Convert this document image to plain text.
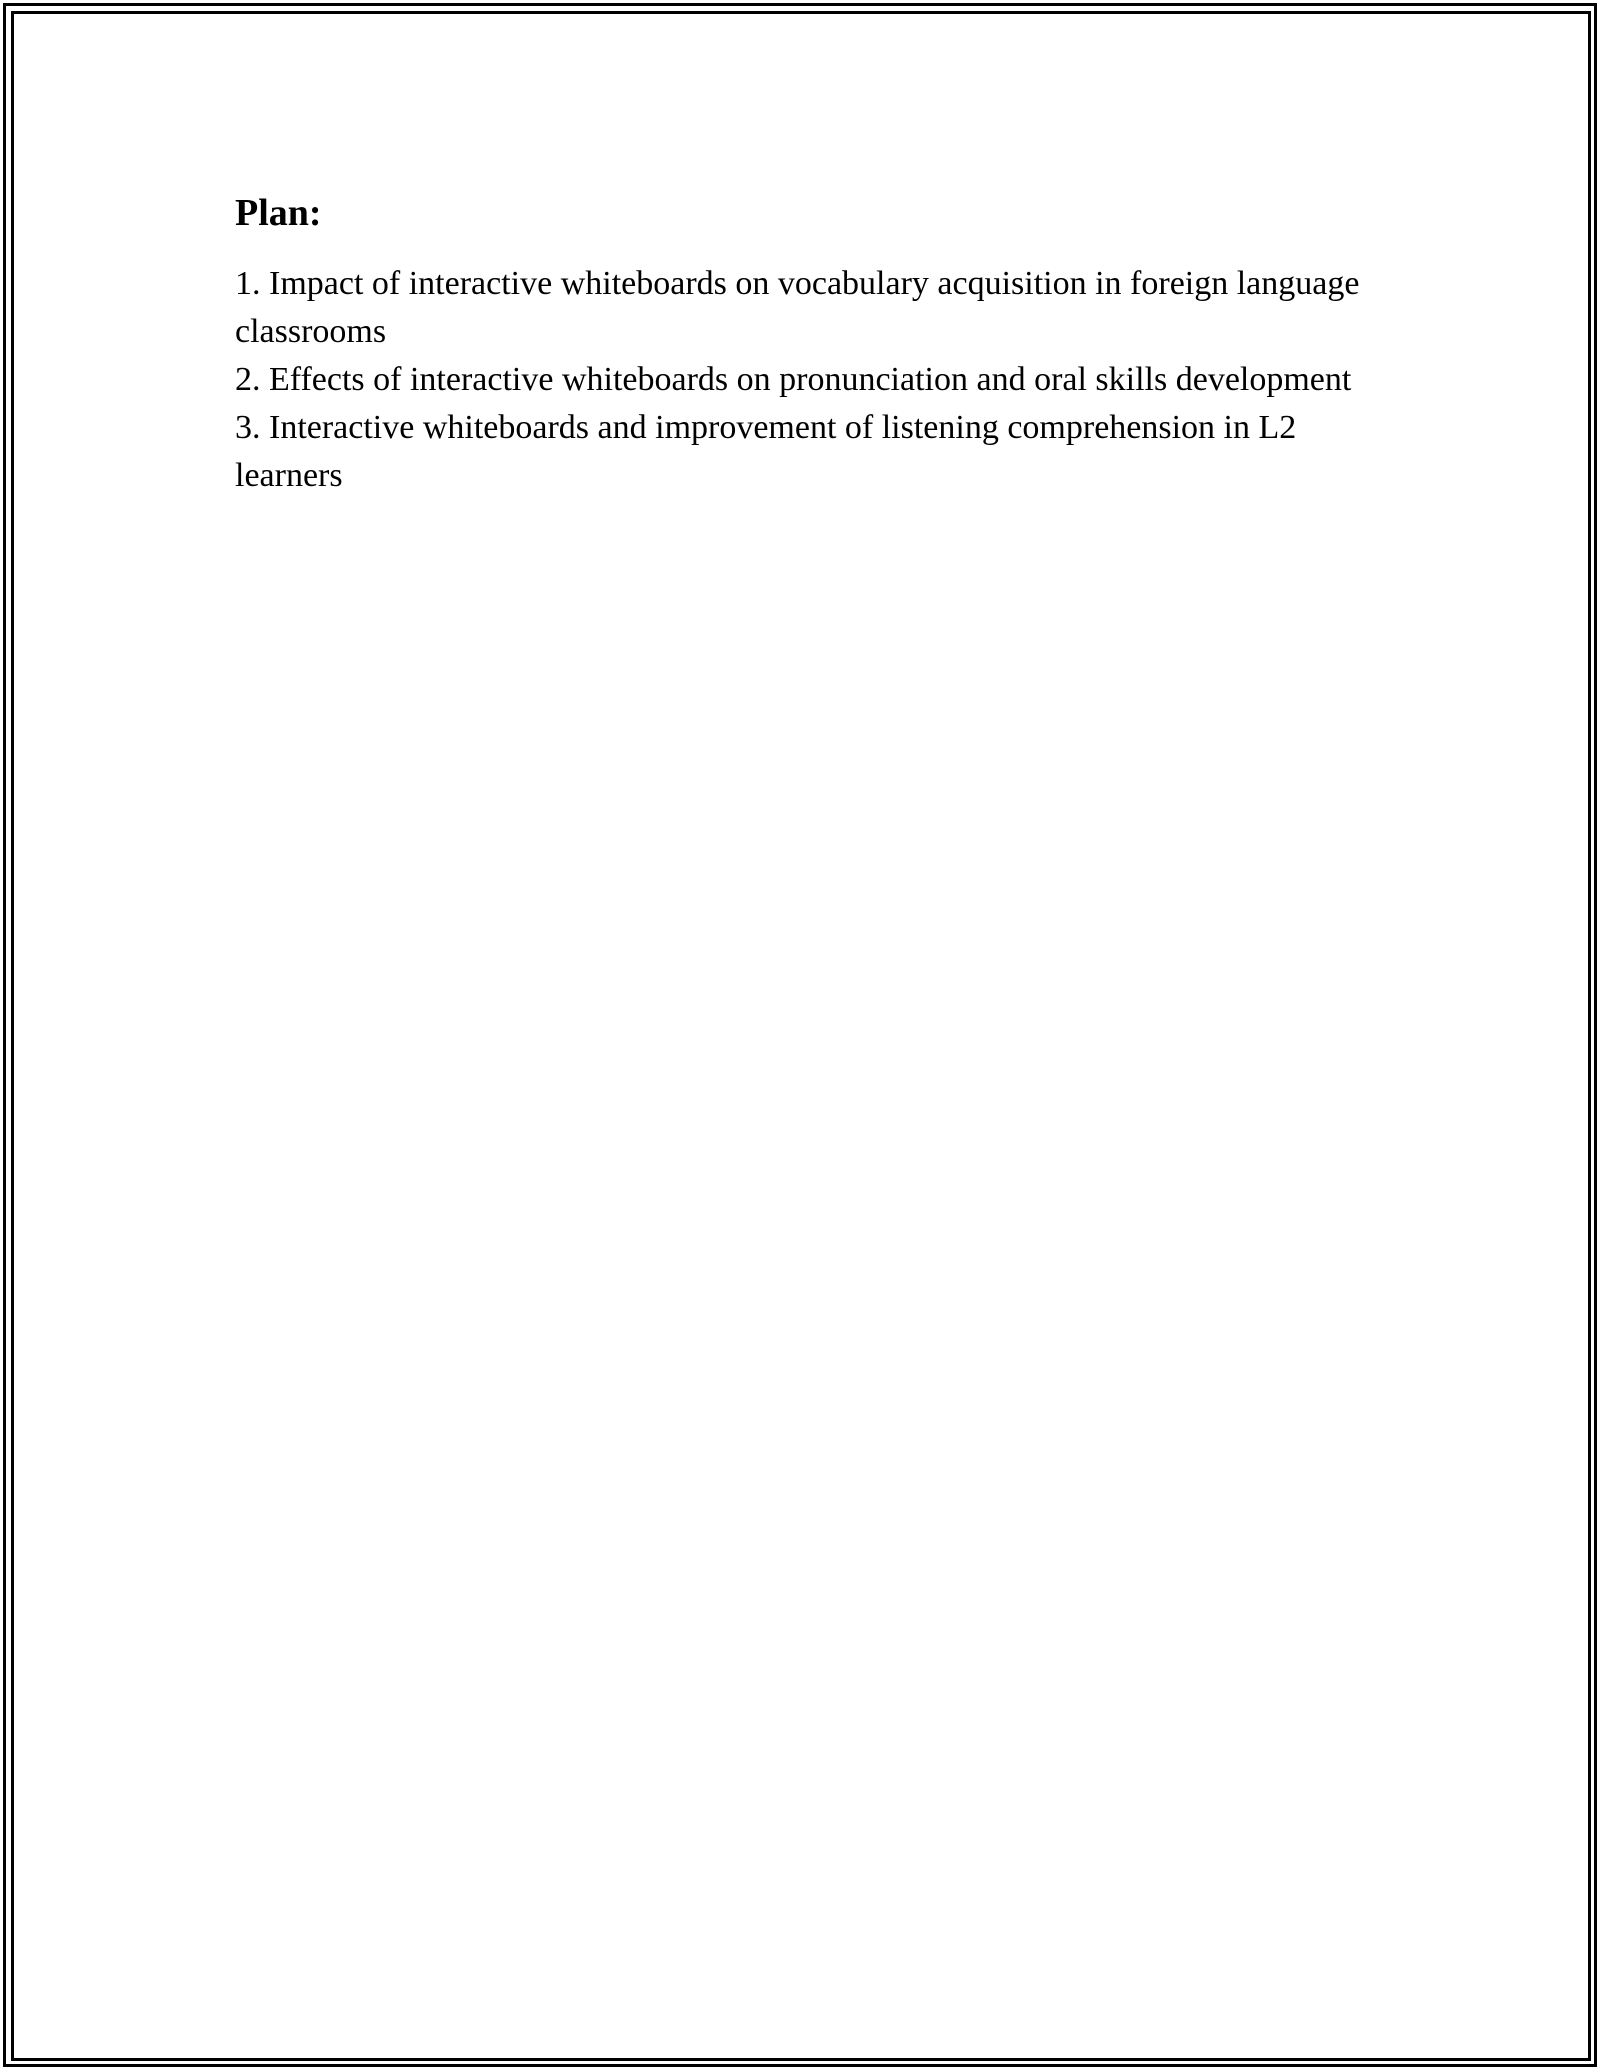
Plan:
1. Impact of interactive whiteboards on vocabulary acquisition in foreign language classrooms
2. Effects of interactive whiteboards on pronunciation and oral skills development
3. Interactive whiteboards and improvement of listening comprehension in L2 learners
